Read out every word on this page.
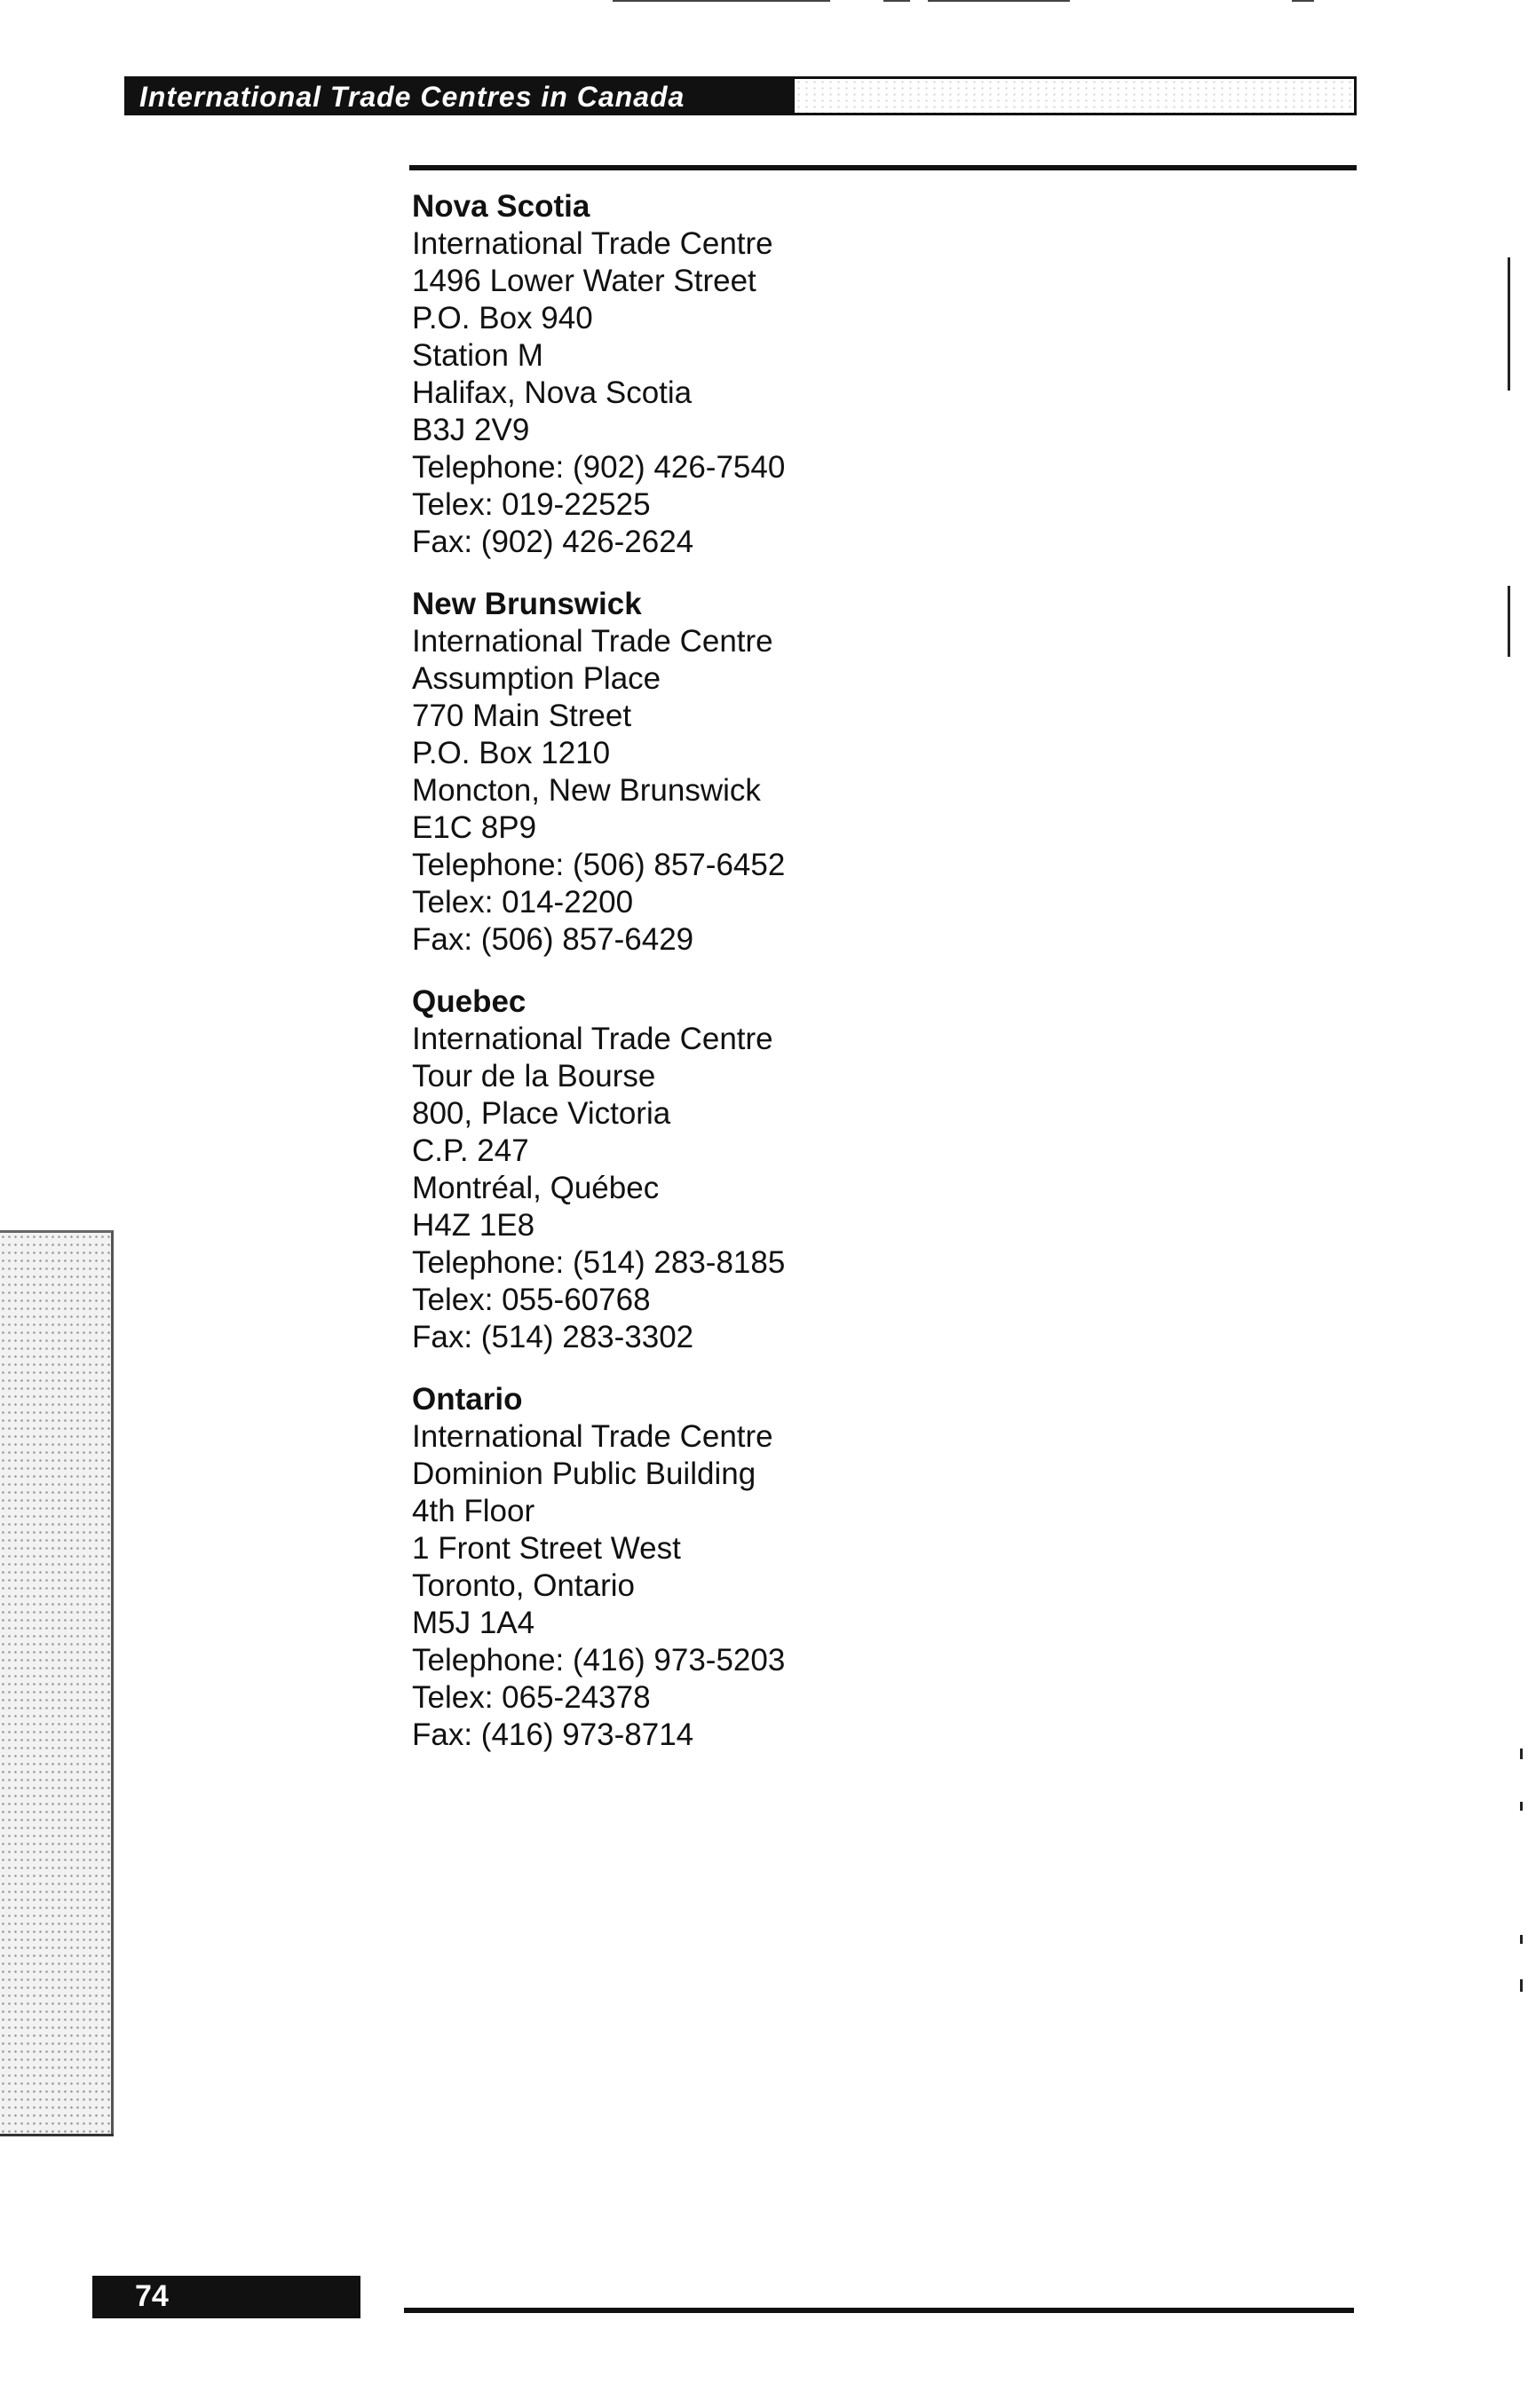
International Trade Centres in Canada
Nova Scotia
International Trade Centre
1496 Lower Water Street
P.O. Box 940
Station M
Halifax, Nova Scotia
B3J 2V9
Telephone: (902) 426-7540
Telex: 019-22525
Fax: (902) 426-2624
New Brunswick
International Trade Centre
Assumption Place
770 Main Street
P.O. Box 1210
Moncton, New Brunswick
E1C 8P9
Telephone: (506) 857-6452
Telex: 014-2200
Fax: (506) 857-6429
Quebec
International Trade Centre
Tour de la Bourse
800, Place Victoria
C.P. 247
Montréal, Québec
H4Z 1E8
Telephone: (514) 283-8185
Telex: 055-60768
Fax: (514) 283-3302
Ontario
International Trade Centre
Dominion Public Building
4th Floor
1 Front Street West
Toronto, Ontario
M5J 1A4
Telephone: (416) 973-5203
Telex: 065-24378
Fax: (416) 973-8714
74
